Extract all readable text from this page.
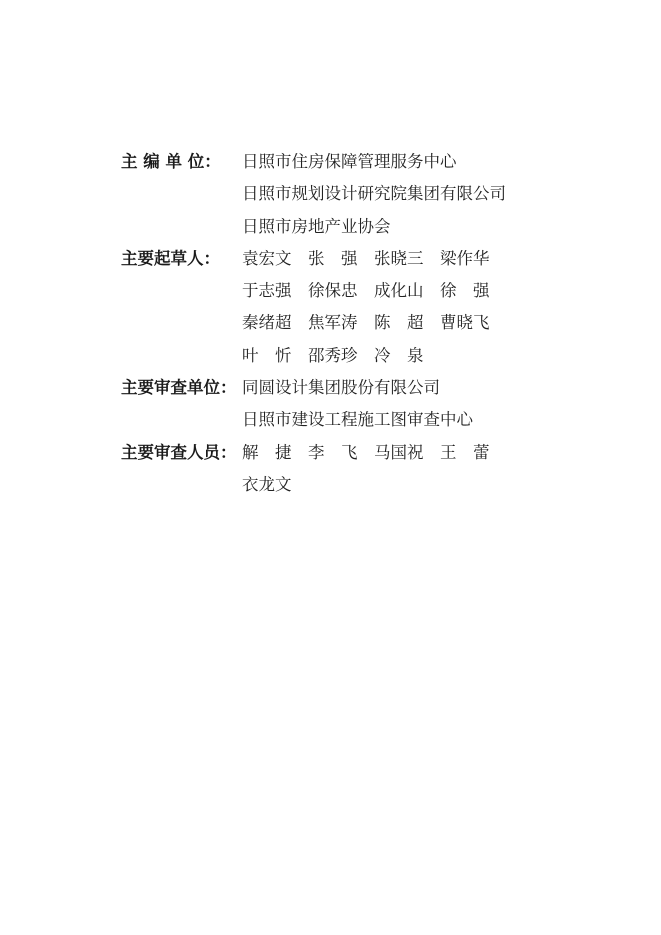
主 编 单 位：	日照市住房保障管理服务中心
日照市规划设计研究院集团有限公司
日照市房地产业协会
主要起草人：	袁宏文　张　强　张晓三　梁作华
于志强　徐保忠　成化山　徐　强
秦绪超　焦军涛　陈　超　曹晓飞
叶　忻　邵秀珍　冷　泉
主要审查单位： 同圆设计集团股份有限公司
日照市建设工程施工图审查中心
主要审查人员： 解　捷　李　飞　马国祝　王　蕾
衣龙文
